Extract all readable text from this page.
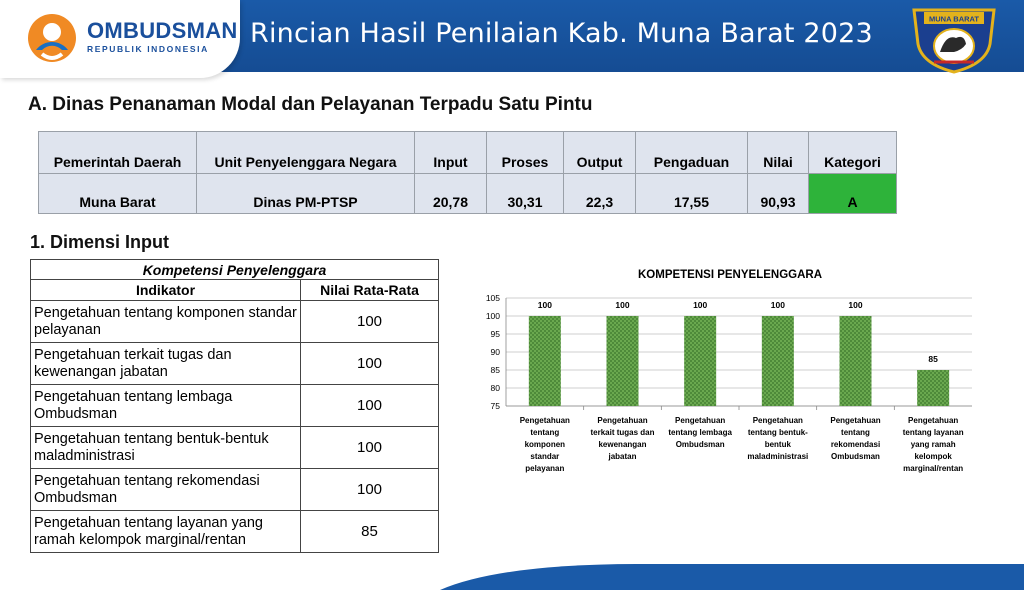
OMBUDSMAN
REPUBLIK INDONESIA	Rincian Hasil Penilaian Kab. Muna Barat 2023	MUNA BARAT
A. Dinas Penanaman Modal dan Pelayanan Terpadu Satu Pintu
Pemerintah Daerah	Unit Penyelenggara Negara	Input	Proses	Output	Pengaduan	Nilai	Kategori
Muna Barat	Dinas PM-PTSP	20,78	30,31	22,3	17,55	90,93	A
1. Dimensi Input
Kompetensi Penyelenggara	
Indikator	Nilai Rata-Rata
Pengetahuan tentang komponen standar pelayanan	100
Pengetahuan terkait tugas dan kewenangan jabatan	100
Pengetahuan tentang lembaga Ombudsman	100
Pengetahuan tentang bentuk-bentuk maladministrasi	100
Pengetahuan tentang rekomendasi Ombudsman	100
Pengetahuan tentang layanan yang ramah kelompok marginal/rentan	85
KOMPETENSI PENYELENGGARA
75
80
85
90
95
100
105
100	100	100	100	100
85
Pengetahuan
tentang
komponen
standar
pelayanan
Pengetahuan
terkait tugas dan
kewenangan
jabatan
Pengetahuan
tentang lembaga
Ombudsman
Pengetahuan
tentang bentuk-
bentuk
maladministrasi
Pengetahuan
tentang
rekomendasi
Ombudsman
Pengetahuan
tentang layanan
yang ramah
kelompok
marginal/rentan
